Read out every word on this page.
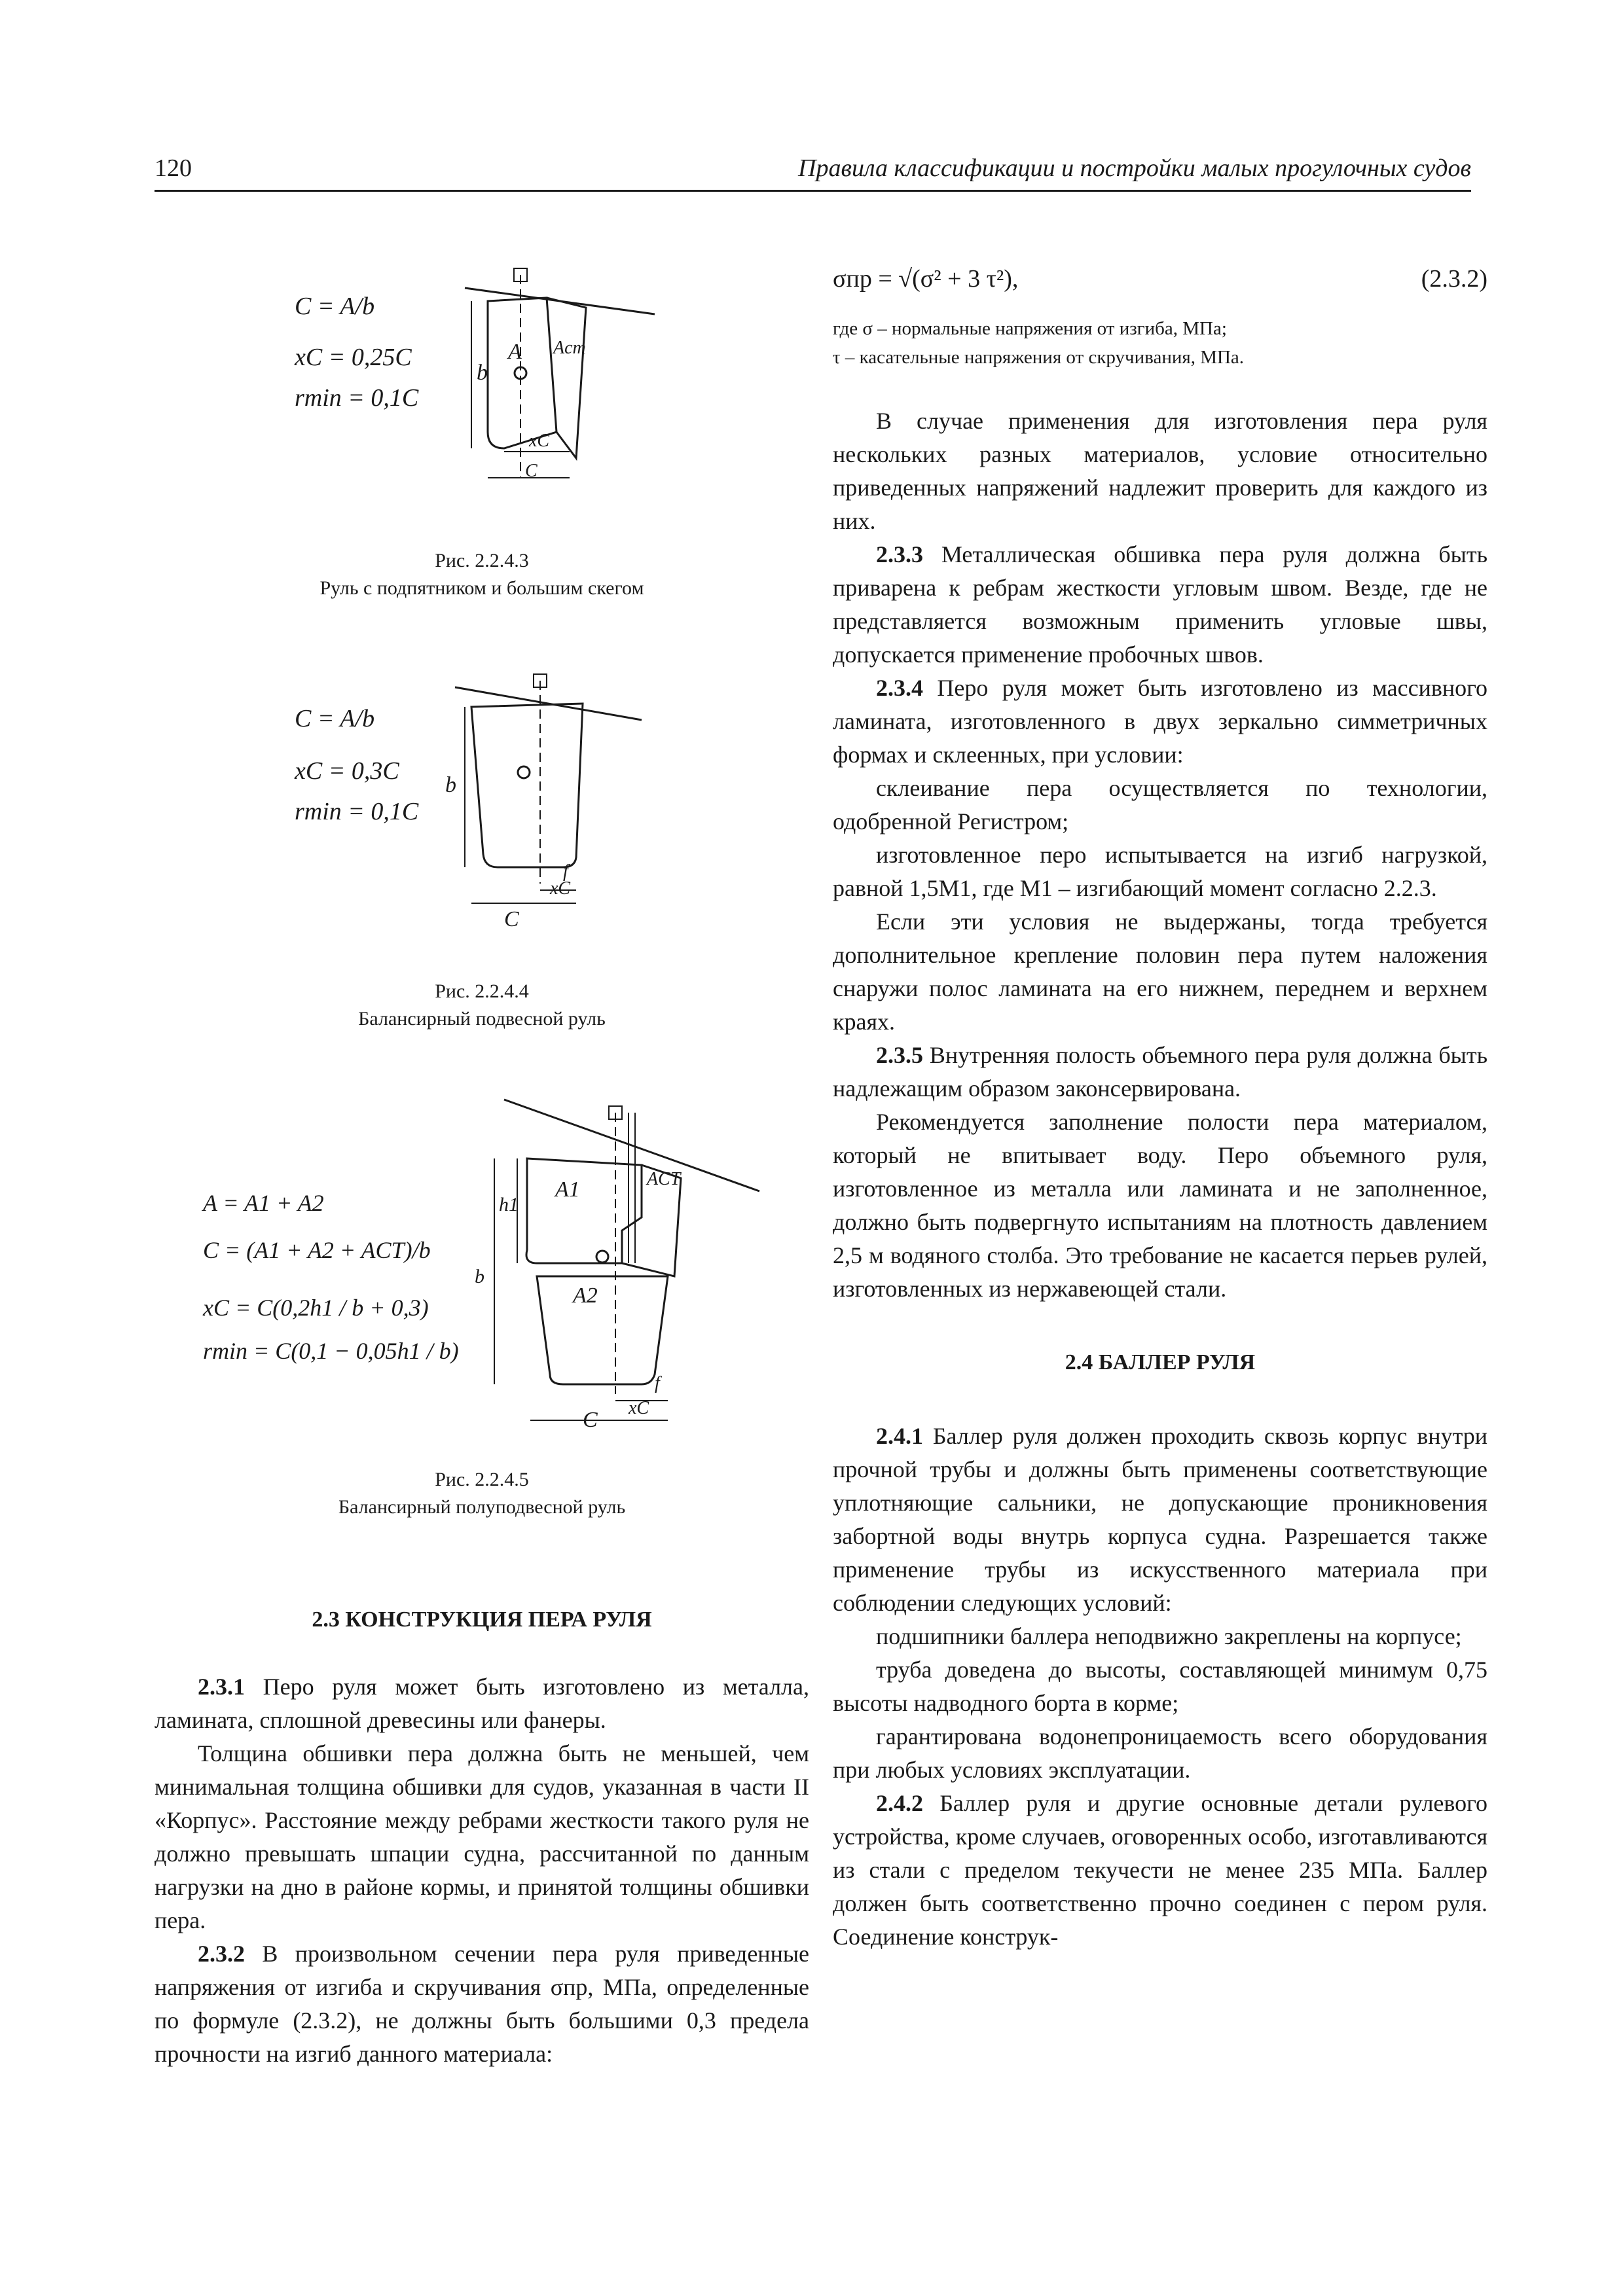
120	Правила классификации и постройки малых прогулочных судов
C = A/b
xC = 0,25C
rmin = 0,1C
b
A Aст
xC
C
Рис. 2.2.4.3
Руль с подпятником и большим скегом
C = A/b
xC = 0,3C
rmin = 0,1C
b
f
xC
C
Рис. 2.2.4.4
Балансирный подвесной руль
A = A1 + A2
C = (A1 + A2 + ACT)/b
xC = C(0,2h1 / b + 0,3)
rmin = C(0,1 − 0,05h1 / b)
A1
A2
ACT
h1
b
f
xC
C
Рис. 2.2.4.5
Балансирный полуподвесной руль

2.3 КОНСТРУКЦИЯ ПЕРА РУЛЯ

2.3.1 Перо руля может быть изготовлено из металла, ламината, сплошной древесины или фанеры.

Толщина обшивки пера должна быть не меньшей, чем минимальная толщина обшивки для судов, указанная в части II «Корпус». Расстояние между ребрами жесткости такого руля не должно превышать шпации судна, рассчитанной по данным нагрузки на дно в районе кормы, и принятой толщины обшивки пера.

2.3.2 В произвольном сечении пера руля приведенные напряжения от изгиба и скручивания σпр, МПа, определенные по формуле (2.3.2), не должны быть большими 0,3 предела прочности на изгиб данного материала:

σпр = √(σ² + 3 τ²),	(2.3.2)

где σ – нормальные напряжения от изгиба, МПа;

τ – касательные напряжения от скручивания, МПа.

В случае применения для изготовления пера руля нескольких разных материалов, условие относительно приведенных напряжений надлежит проверить для каждого из них.

2.3.3 Металлическая обшивка пера руля должна быть приварена к ребрам жесткости угловым швом. Везде, где не представляется возможным применить угловые швы, допускается применение пробочных швов.

2.3.4 Перо руля может быть изготовлено из массивного ламината, изготовленного в двух зеркально симметричных формах и склеенных, при условии:

склеивание пера осуществляется по технологии, одобренной Регистром;

изготовленное перо испытывается на изгиб нагрузкой, равной 1,5M1, где M1 – изгибающий момент согласно 2.2.3.

Если эти условия не выдержаны, тогда требуется дополнительное крепление половин пера путем наложения снаружи полос ламината на его нижнем, переднем и верхнем краях.

2.3.5 Внутренняя полость объемного пера руля должна быть надлежащим образом законсервирована.

Рекомендуется заполнение полости пера материалом, который не впитывает воду. Перо объемного руля, изготовленное из металла или ламината и не заполненное, должно быть подвергнуто испытаниям на плотность давлением 2,5 м водяного столба. Это требование не касается перьев рулей, изготовленных из нержавеющей стали.

2.4 БАЛЛЕР РУЛЯ

2.4.1 Баллер руля должен проходить сквозь корпус внутри прочной трубы и должны быть применены соответствующие уплотняющие сальники, не допускающие проникновения забортной воды внутрь корпуса судна. Разрешается также применение трубы из искусственного материала при соблюдении следующих условий:

подшипники баллера неподвижно закреплены на корпусе;

труба доведена до высоты, составляющей минимум 0,75 высоты надводного борта в корме;

гарантирована водонепроницаемость всего оборудования при любых условиях эксплуатации.

2.4.2 Баллер руля и другие основные детали рулевого устройства, кроме случаев, оговоренных особо, изготавливаются из стали с пределом текучести не менее 235 МПа. Баллер должен быть соответственно прочно соединен с пером руля. Соединение конструк-
